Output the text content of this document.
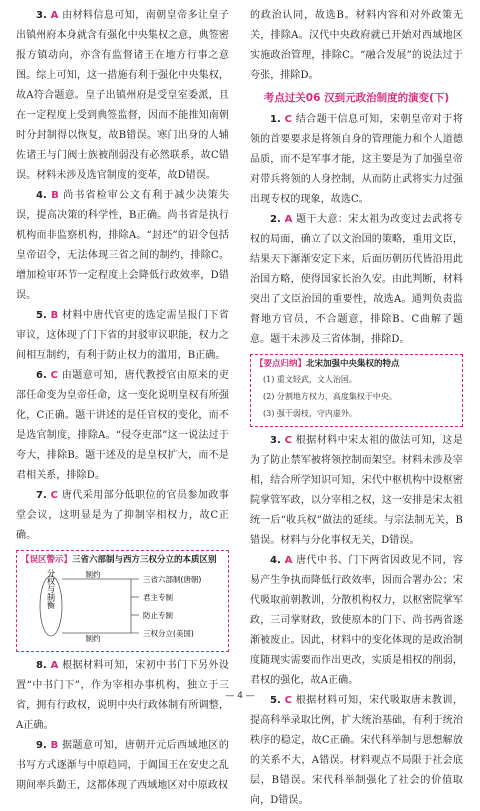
3. A 由材料信息可知，南朝皇帝多让皇子出镇州府本身就含有强化中央集权之意，典签密报方镇动向，亦含有监督诸王在地方行事之意图。综上可知，这一措施有利于强化中央集权，故A符合题意。皇子出镇州府是受皇室委派，且在一定程度上受到典签监督，因而不能推知南朝时分封制得以恢复，故B错误。寒门出身的人辅佐诸王与门阀士族被削弱没有必然联系，故C错误。材料未涉及选官制度的变革，故D错误。

4. B 尚书省检审公文有利于减少决策失误，提高决策的科学性，B正确。尚书省是执行机构而非监察机构，排除A。“封还”的诏令包括皇帝诏令，无法体现三省之间的制约，排除C。增加检审环节一定程度上会降低行政效率，D错误。

5. B 材料中唐代官吏的选定需呈报门下省审议，这体现了门下省的封驳审议职能，权力之间相互制约，有利于防止权力的滥用，B正确。

6. C 由题意可知，唐代教授官由原来的吏部任命变为皇帝任命，这一变化说明皇权有所强化，C正确。题干讲述的是任官权的变化，而不是选官制度，排除A。“侵夺吏部”这一说法过于夸大，排除B。题干述及的是皇权扩大，而不是君相关系，排除D。

7. C 唐代采用部分低职位的官员参加政事堂会议，这明显是为了抑制宰相权力，故C正确。

【误区警示】三省六部制与西方三权分立的本质区别
分权与制衡	制约
制约
三省六部制(唐朝)
君主专制
防止专制
三权分立(美国)

8. A 根据材料可知，宋初中书门下另外设置“中书门下”，作为宰相办事机构，独立于三省，拥有行政权，说明中央行政体制有所调整，A正确。

9. B 据题意可知，唐朝开元后西域地区的书写方式逐渐与中原趋同，于阗国王在安史之乱期间率兵勤王，这都体现了西域地区对中原政权

的政治认同，故选B。材料内容和对外政策无关，排除A。汉代中央政府就已开始对西域地区实施政治管理，排除C。“融合发展”的说法过于夸张，排除D。

考点过关06 汉到元政治制度的演变(下)

1. C 结合题干信息可知，宋朝皇帝对于将领的首要要求是将领自身的管理能力和个人道德品质，而不是军事才能，这主要是为了加强皇帝对带兵将领的人身控制，从而防止武将实力过强出现专权的现象，故选C。

2. A 题干大意：宋太祖为改变过去武将专权的局面，确立了以文治国的策略，重用文臣，结果天下渐渐安定下来，后面历朝历代皆沿用此治国方略，使得国家长治久安。由此判断，材料突出了文臣治国的重要性，故选A。通判负责监督地方官员，不合题意，排除B、C曲解了题意。题干未涉及三省体制，排除D。

【要点归纳】北宋加强中央集权的特点
(1) 重文轻武，文人治国。
(2) 分割地方权力，高度集权于中央。
(3) 强干弱枝，守内虚外。

3. C 根据材料中宋太祖的做法可知，这是为了防止禁军被将领控制而架空。材料未涉及宰相，结合所学知识可知，宋代中枢机构中设枢密院掌管军政，以分宰相之权，这一安排是宋太祖统一后“收兵权”做法的延续。与宗法制无关，B错误。材料与分化事权无关，D错误。

4. A 唐代中书、门下两省因政见不同，容易产生争执而降低行政效率，因而合署办公；宋代吸取前朝教训，分散机构权力，以枢密院掌军政，三司掌财政，致使原本的门下、尚书两省逐渐被废止。因此，材料中的变化体现的是政治制度随现实需要而作出更改，实质是相权的削弱，君权的强化，故A正确。

5. C 根据材料可知，宋代吸取唐末教训，提高科举录取比例，扩大统治基础，有利于统治秩序的稳定，故C正确。宋代科举制与思想解放的关系不大，A错误。材料观点不局限于社会底层，B错误。宋代科举制强化了社会的价值取向，D错误。

— 4 —
